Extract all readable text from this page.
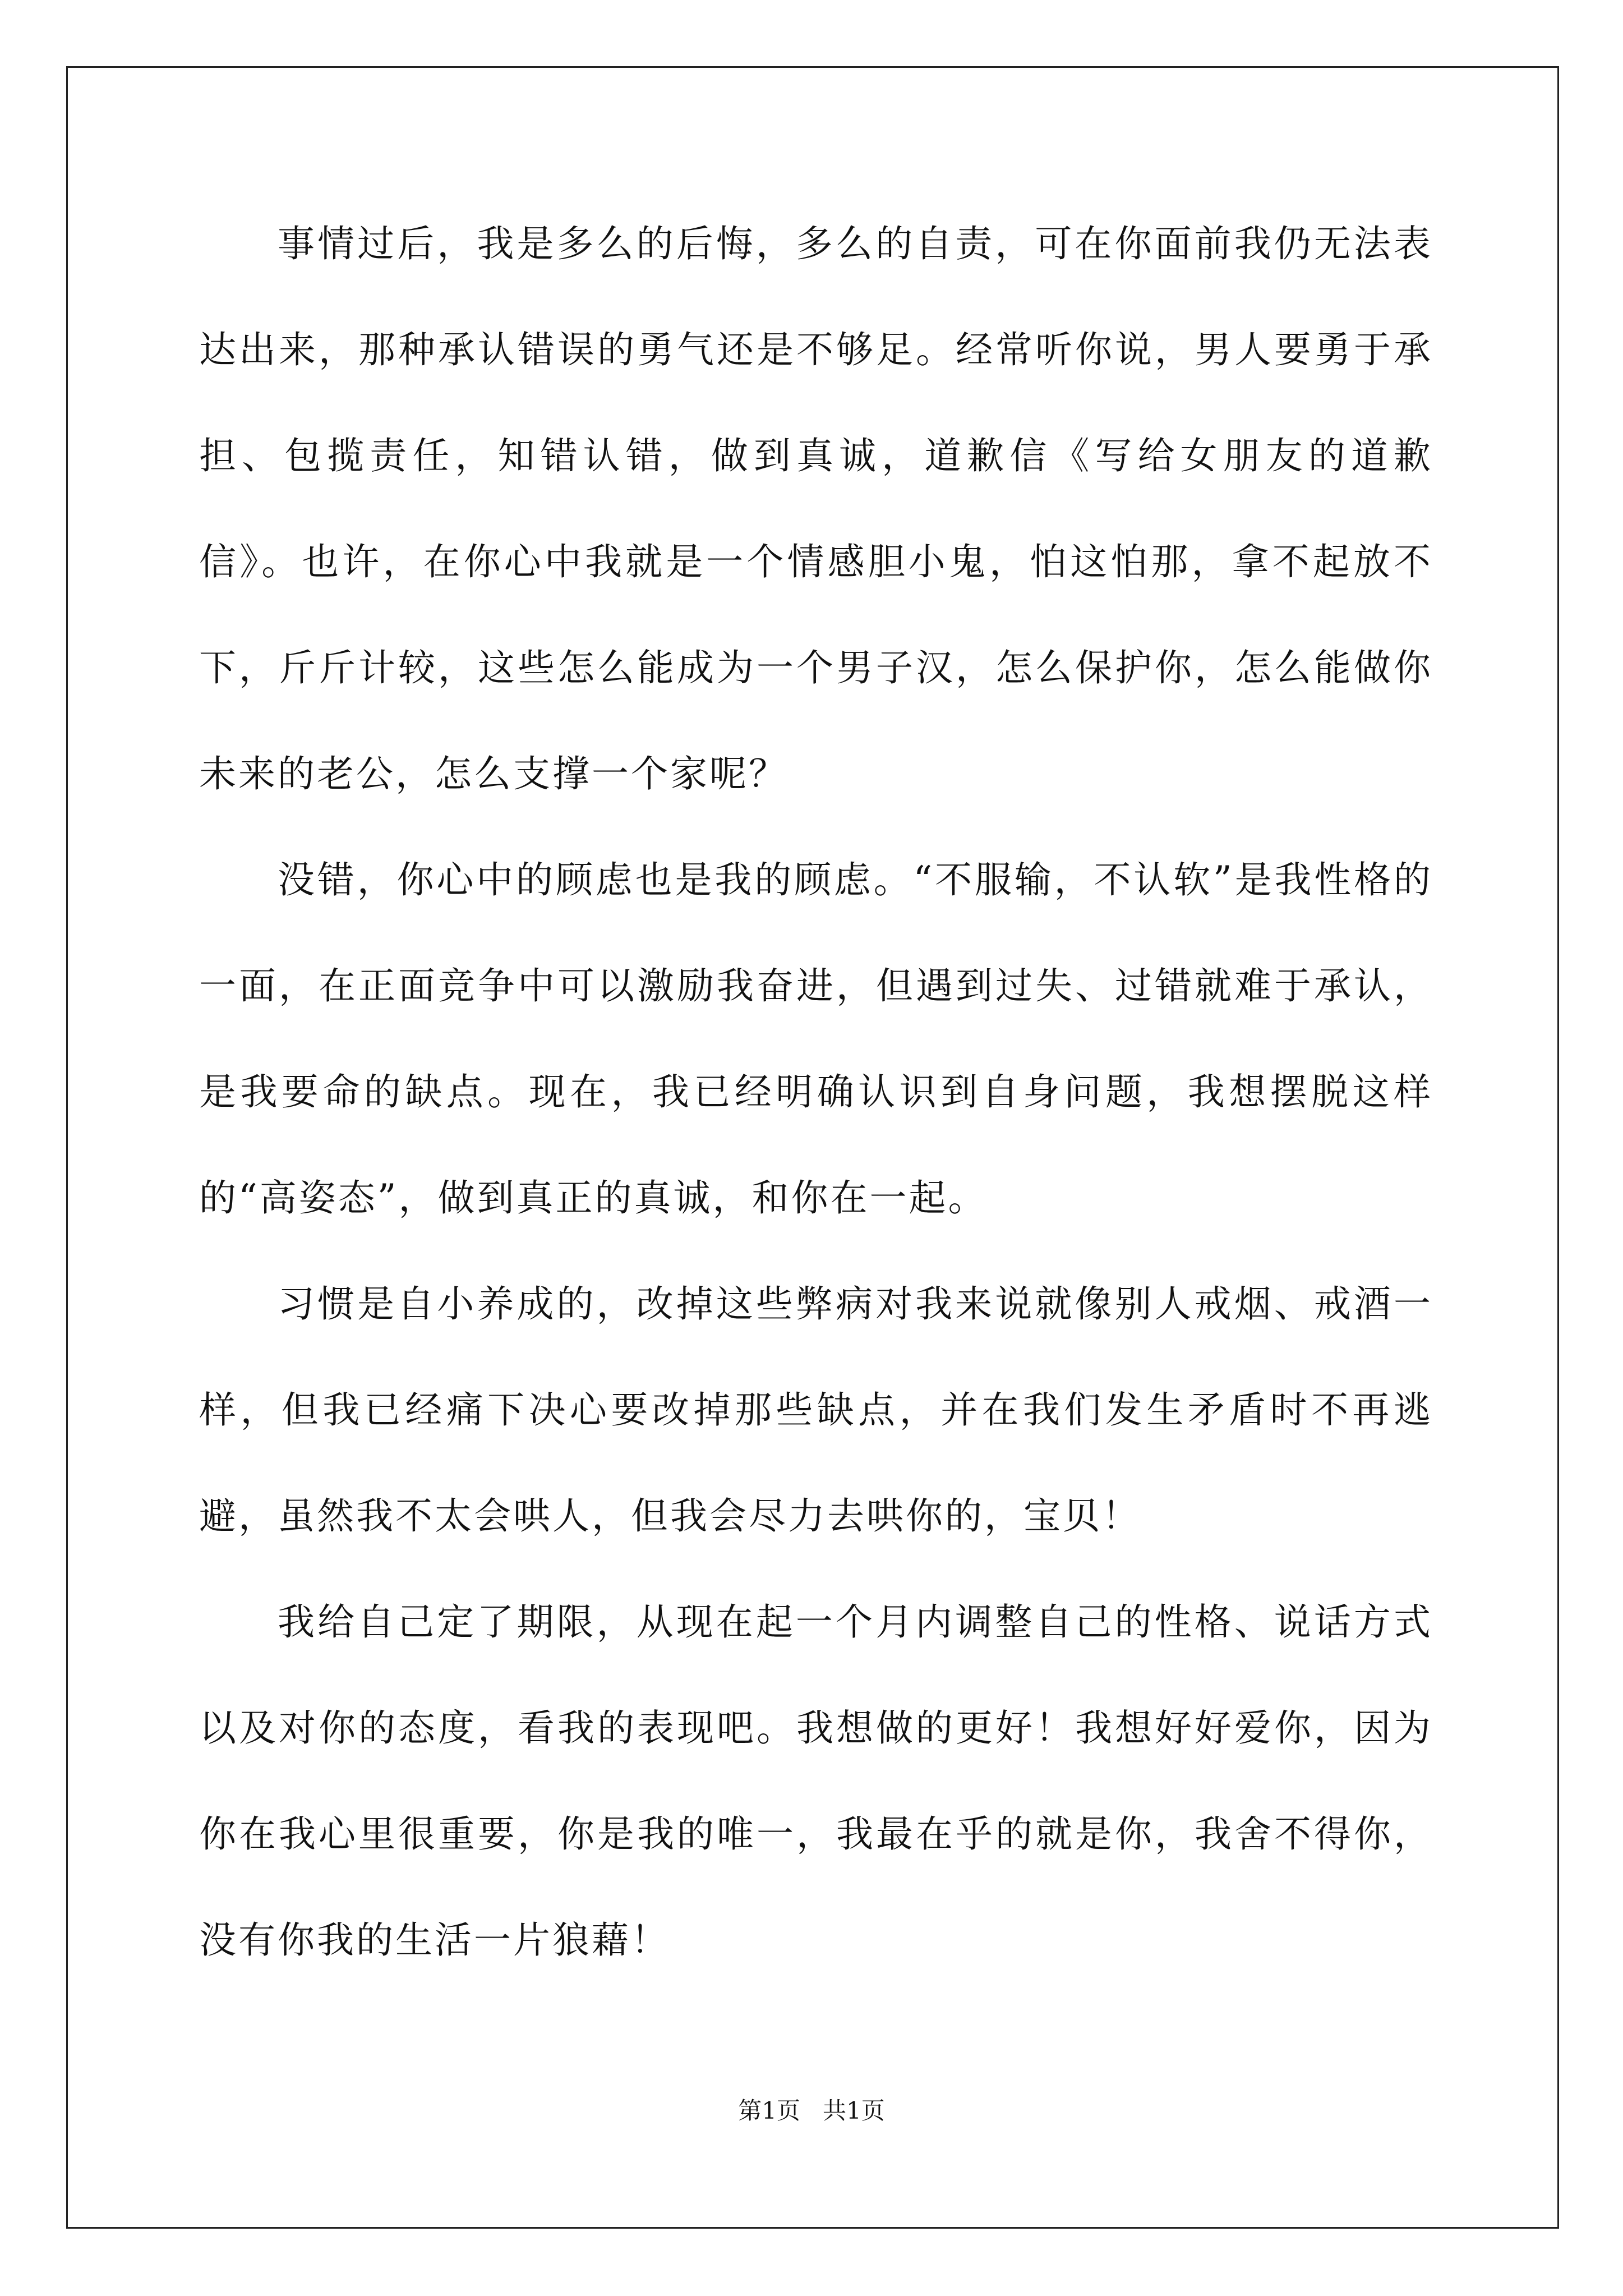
事情过后，我是多么的后悔，多么的自责，可在你面前我仍无法表达出来，那种承认错误的勇气还是不够足。经常听你说，男人要勇于承担、包揽责任，知错认错，做到真诚，道歉信《写给女朋友的道歉信》。也许，在你心中我就是一个情感胆小鬼，怕这怕那，拿不起放不下，斤斤计较，这些怎么能成为一个男子汉，怎么保护你，怎么能做你未来的老公，怎么支撑一个家呢？

没错，你心中的顾虑也是我的顾虑。“不服输，不认软”是我性格的一面，在正面竞争中可以激励我奋进，但遇到过失、过错就难于承认，是我要命的缺点。现在，我已经明确认识到自身问题，我想摆脱这样的“高姿态”，做到真正的真诚，和你在一起。

习惯是自小养成的，改掉这些弊病对我来说就像别人戒烟、戒酒一样，但我已经痛下决心要改掉那些缺点，并在我们发生矛盾时不再逃避，虽然我不太会哄人，但我会尽力去哄你的，宝贝！

我给自己定了期限，从现在起一个月内调整自己的性格、说话方式以及对你的态度，看我的表现吧。我想做的更好！我想好好爱你，因为你在我心里很重要，你是我的唯一，我最在乎的就是你，我舍不得你，没有你我的生活一片狼藉！

第1页 共1页
